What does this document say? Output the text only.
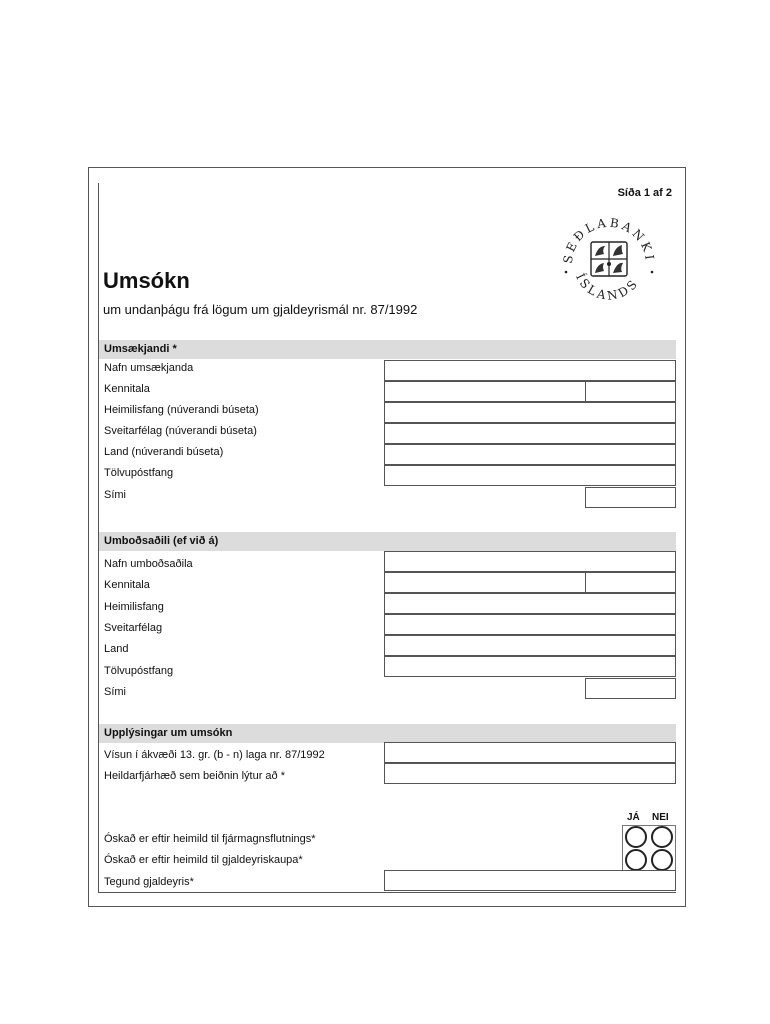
Síða 1 af 2
SEÐLABANKI
ÍSLANDS
Umsókn

um undanþágu frá lögum um gjaldeyrismál nr. 87/1992

Umsækjandi *
Nafn umsækjanda
Kennitala
Heimilisfang (núverandi búseta)
Sveitarfélag (núverandi búseta)
Land (núverandi búseta)
Tölvupóstfang
Sími
Umboðsaðili (ef við á)
Nafn umboðsaðila
Kennitala
Heimilisfang
Sveitarfélag
Land
Tölvupóstfang
Sími
Upplýsingar um umsókn
Vísun í ákvæði 13. gr. (b - n) laga nr. 87/1992
Heildarfjárhæð sem beiðnin lýtur að *
JÁ NEI
Óskað er eftir heimild til fjármagnsflutnings*
Óskað er eftir heimild til gjaldeyriskaupa*
Tegund gjaldeyris*
